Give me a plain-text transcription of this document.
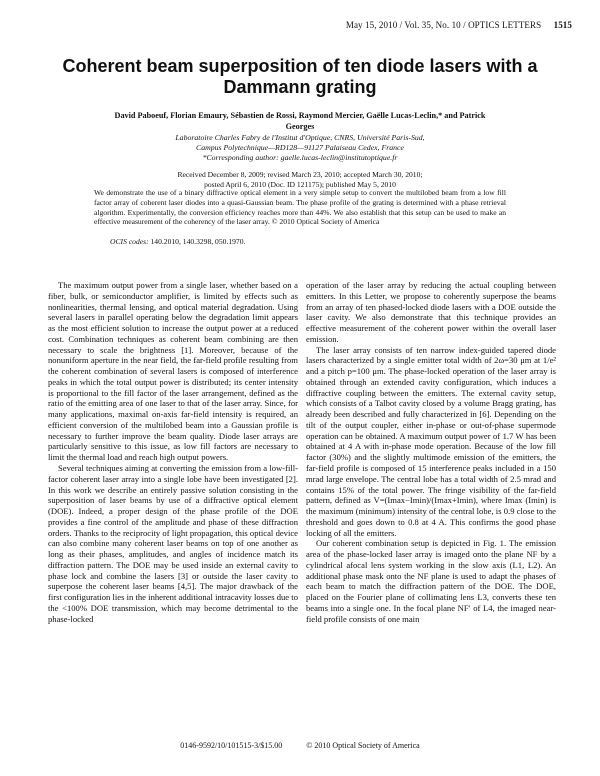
May 15, 2010 / Vol. 35, No. 10 / OPTICS LETTERS 1515
Coherent beam superposition of ten diode lasers with a Dammann grating
David Paboeuf, Florian Emaury, Sébastien de Rossi, Raymond Mercier, Gaëlle Lucas-Leclin,* and Patrick Georges
Laboratoire Charles Fabry de l'Institut d'Optique, CNRS, Université Paris-Sud,
Campus Polytechnique—RD128—91127 Palaiseau Cedex, France
*Corresponding author: gaelle.lucas-leclin@institutoptique.fr
Received December 8, 2009; revised March 23, 2010; accepted March 30, 2010;
posted April 6, 2010 (Doc. ID 121175); published May 5, 2010
We demonstrate the use of a binary diffractive optical element in a very simple setup to convert the multilobed beam from a low fill factor array of coherent laser diodes into a quasi-Gaussian beam. The phase profile of the grating is determined with a phase retrieval algorithm. Experimentally, the conversion efficiency reaches more than 44%. We also establish that this setup can be used to make an effective measurement of the coherency of the laser array. © 2010 Optical Society of America
OCIS codes: 140.2010, 140.3298, 050.1970.

The maximum output power from a single laser, whether based on a fiber, bulk, or semiconductor amplifier, is limited by effects such as nonlinearities, thermal lensing, and optical material degradation. Using several lasers in parallel operating below the degradation limit appears as the most efficient solution to increase the output power at a reduced cost. Combination techniques as coherent beam combining are then necessary to scale the brightness [1]. Moreover, because of the nonuniform aperture in the near field, the far-field profile resulting from the coherent combination of several lasers is composed of interference peaks in which the total output power is distributed; its center intensity is proportional to the fill factor of the laser arrangement, defined as the ratio of the emitting area of one laser to that of the laser array. Since, for many applications, maximal on-axis far-field intensity is required, an efficient conversion of the multilobed beam into a Gaussian profile is necessary to further improve the beam quality. Diode laser arrays are particularly sensitive to this issue, as low fill factors are necessary to limit the thermal load and reach high output powers.

Several techniques aiming at converting the emission from a low-fill-factor coherent laser array into a single lobe have been investigated [2]. In this work we describe an entirely passive solution consisting in the superposition of laser beams by use of a diffractive optical element (DOE). Indeed, a proper design of the phase profile of the DOE provides a fine control of the amplitude and phase of these diffraction orders. Thanks to the reciprocity of light propagation, this optical device can also combine many coherent laser beams on top of one another as long as their phases, amplitudes, and angles of incidence match its diffraction pattern. The DOE may be used inside an external cavity to phase lock and combine the lasers [3] or outside the laser cavity to superpose the coherent laser beams [4,5]. The major drawback of the first configuration lies in the inherent additional intracavity losses due to the <100% DOE transmission, which may become detrimental to the phase-locked

operation of the laser array by reducing the actual coupling between emitters. In this Letter, we propose to coherently superpose the beams from an array of ten phased-locked diode lasers with a DOE outside the laser cavity. We also demonstrate that this technique provides an effective measurement of the coherent power within the overall laser emission.

The laser array consists of ten narrow index-guided tapered diode lasers characterized by a single emitter total width of 2ω=30 μm at 1/e² and a pitch p=100 μm. The phase-locked operation of the laser array is obtained through an extended cavity configuration, which induces a diffractive coupling between the emitters. The external cavity setup, which consists of a Talbot cavity closed by a volume Bragg grating, has already been described and fully characterized in [6]. Depending on the tilt of the output coupler, either in-phase or out-of-phase supermode operation can be obtained. A maximum output power of 1.7 W has been obtained at 4 A with in-phase mode operation. Because of the low fill factor (30%) and the slightly multimode emission of the emitters, the far-field profile is composed of 15 interference peaks included in a 150 mrad large envelope. The central lobe has a total width of 2.5 mrad and contains 15% of the total power. The fringe visibility of the far-field pattern, defined as V=(Imax−Imin)/(Imax+Imin), where Imax (Imin) is the maximum (minimum) intensity of the central lobe, is 0.9 close to the threshold and goes down to 0.8 at 4 A. This confirms the good phase locking of all the emitters.

Our coherent combination setup is depicted in Fig. 1. The emission area of the phase-locked laser array is imaged onto the plane NF by a cylindrical afocal lens system working in the slow axis (L1, L2). An additional phase mask onto the NF plane is used to adapt the phases of each beam to match the diffraction pattern of the DOE. The DOE, placed on the Fourier plane of collimating lens L3, converts these ten beams into a single one. In the focal plane NF′ of L4, the imaged near-field profile consists of one main

0146-9592/10/101515-3/$15.00	© 2010 Optical Society of America
